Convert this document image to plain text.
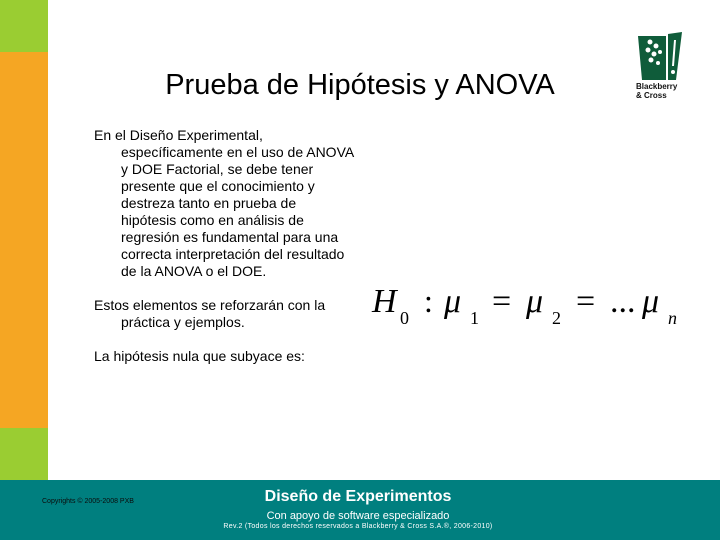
Prueba de Hipótesis y ANOVA	Blackberry
& Cross

En el Diseño Experimental, específicamente en el uso de ANOVA y DOE Factorial, se debe tener presente que el conocimiento y destreza tanto en prueba de hipótesis como en análisis de regresión es fundamental para una correcta interpretación del resultado de la ANOVA o el DOE.

Estos elementos se reforzarán con la práctica y ejemplos.

La hipótesis nula que subyace es:

H 0 : μ 1 = μ 2 = ... μ n
Copyrights © 2005-2008 PXB	Diseño de Experimentos
Con apoyo de software especializado
Rev.2 (Todos los derechos reservados a Blackberry & Cross S.A.®, 2006-2010)
